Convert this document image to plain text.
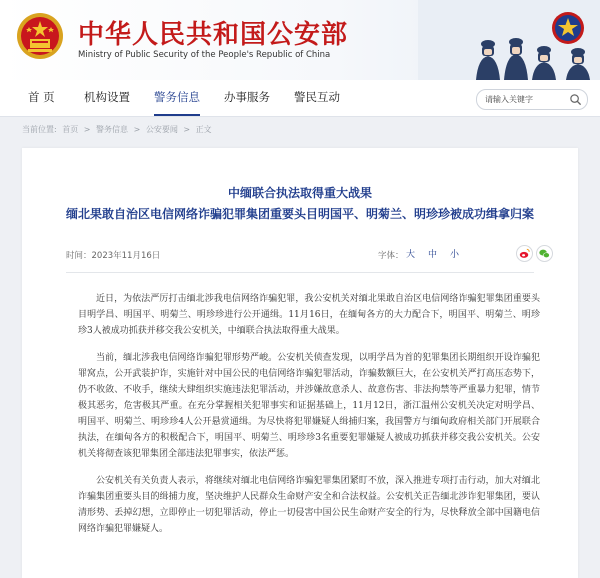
中华人民共和国公安部
Ministry of Public Security of the People's Republic of China
首 页	机构设置 警务信息 办事服务 警民互动
请输入关键字
当前位置: 首页 > 警务信息 > 公安要闻 > 正文
中缅联合执法取得重大战果
缅北果敢自治区电信网络诈骗犯罪集团重要头目明国平、明菊兰、明珍珍被成功缉拿归案
时间：2023年11月16日	字体： 大 中 小

近日，为依法严厉打击缅北涉我电信网络诈骗犯罪，我公安机关对缅北果敢自治区电信网络诈骗犯罪集团重要头目明学昌、明国平、明菊兰、明珍珍进行公开通缉。11月16日，在缅甸各方的大力配合下，明国平、明菊兰、明珍珍3人被成功抓获并移交我公安机关，中缅联合执法取得重大战果。

当前，缅北涉我电信网络诈骗犯罪形势严峻。公安机关侦查发现，以明学昌为首的犯罪集团长期组织开设诈骗犯罪窝点，公开武装护诈，实施针对中国公民的电信网络诈骗犯罪活动，诈骗数额巨大，在公安机关严打高压态势下，仍不收敛、不收手，继续大肆组织实施违法犯罪活动，并涉嫌故意杀人、故意伤害、非法拘禁等严重暴力犯罪，情节极其恶劣，危害极其严重。在充分掌握相关犯罪事实和证据基础上，11月12日，浙江温州公安机关决定对明学昌、明国平、明菊兰、明珍珍4人公开悬赏通缉。为尽快将犯罪嫌疑人缉捕归案，我国警方与缅甸政府相关部门开展联合执法，在缅甸各方的积极配合下，明国平、明菊兰、明珍珍3名重要犯罪嫌疑人被成功抓获并移交我公安机关。公安机关将彻查该犯罪集团全部违法犯罪事实，依法严惩。

公安机关有关负责人表示，将继续对缅北电信网络诈骗犯罪集团紧盯不放，深入推进专项打击行动，加大对缅北诈骗集团重要头目的缉捕力度，坚决维护人民群众生命财产安全和合法权益。公安机关正告缅北涉诈犯罪集团，要认清形势、丢掉幻想，立即停止一切犯罪活动，停止一切侵害中国公民生命财产安全的行为，尽快释放全部中国籍电信网络诈骗犯罪嫌疑人。
